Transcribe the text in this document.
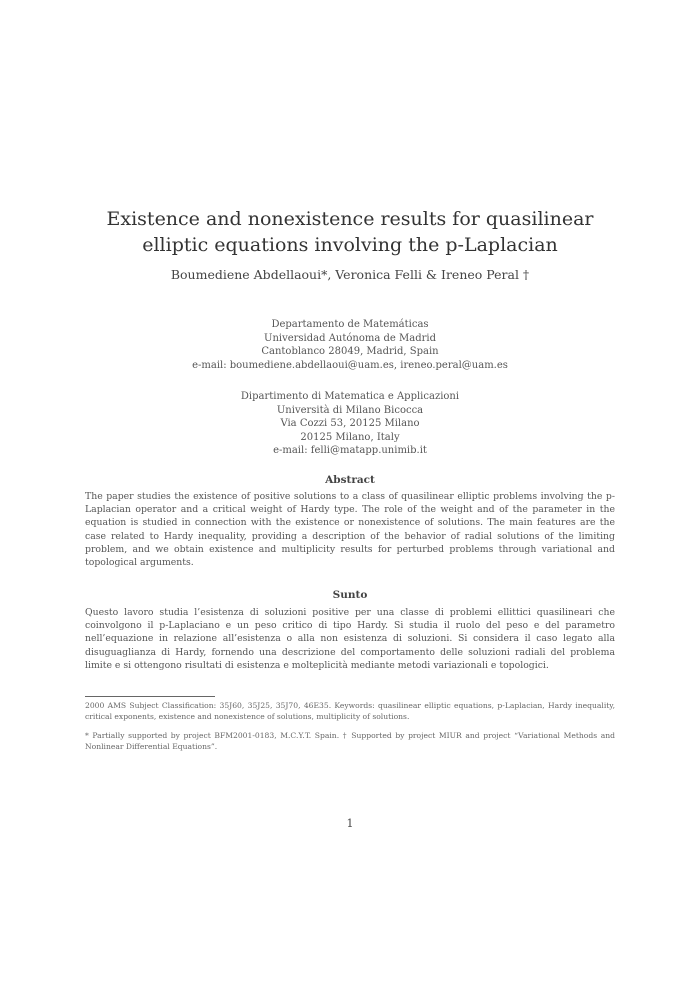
Existence and nonexistence results for quasilinear elliptic equations involving the p-Laplacian
Boumediene Abdellaoui*, Veronica Felli & Ireneo Peral †
Departamento de Matemáticas
Universidad Autónoma de Madrid
Cantoblanco 28049, Madrid, Spain
e-mail: boumediene.abdellaoui@uam.es, ireneo.peral@uam.es
Dipartimento di Matematica e Applicazioni
Università di Milano Bicocca
Via Cozzi 53, 20125 Milano
20125 Milano, Italy
e-mail: felli@matapp.unimib.it
Abstract
The paper studies the existence of positive solutions to a class of quasilinear elliptic problems involving the p-Laplacian operator and a critical weight of Hardy type. The role of the weight and of the parameter in the equation is studied in connection with the existence or nonexistence of solutions. The main features are the case related to Hardy inequality, providing a description of the behavior of radial solutions of the limiting problem, and we obtain existence and multiplicity results for perturbed problems through variational and topological arguments.
Sunto
Questo lavoro studia l’esistenza di soluzioni positive per una classe di problemi ellittici quasilineari che coinvolgono il p-Laplaciano e un peso critico di tipo Hardy. Si studia il ruolo del peso e del parametro nell’equazione in relazione all’esistenza o alla non esistenza di soluzioni. Si considera il caso legato alla disuguaglianza di Hardy, fornendo una descrizione del comportamento delle soluzioni radiali del problema limite e si ottengono risultati di esistenza e molteplicità mediante metodi variazionali e topologici.
2000 AMS Subject Classification: 35J60, 35J25, 35J70, 46E35. Keywords: quasilinear elliptic equations, p-Laplacian, Hardy inequality, critical exponents, existence and nonexistence of solutions, multiplicity of solutions.
* Partially supported by project BFM2001-0183, M.C.Y.T. Spain. † Supported by project MIUR and project “Variational Methods and Nonlinear Differential Equations”.
1
